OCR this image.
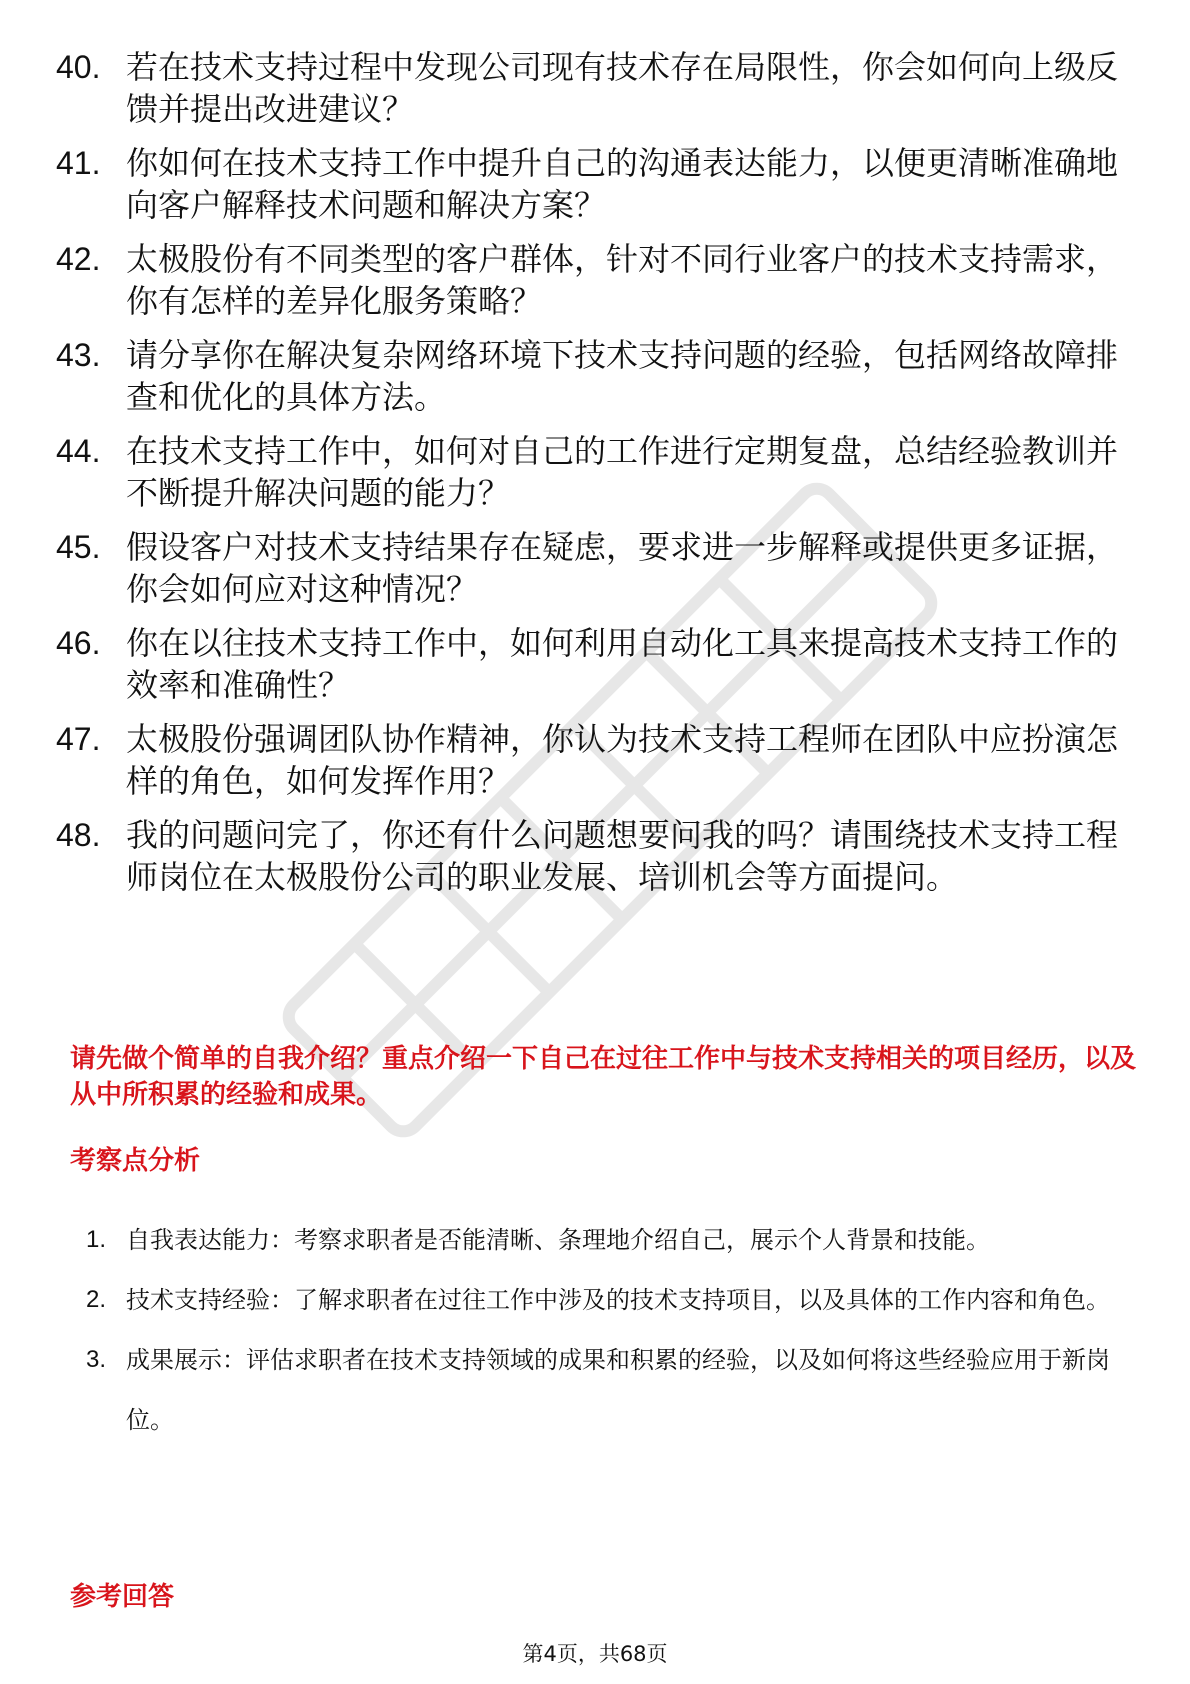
40. 若在技术支持过程中发现公司现有技术存在局限性，你会如何向上级反馈并提出改进建议？
41. 你如何在技术支持工作中提升自己的沟通表达能力，以便更清晰准确地向客户解释技术问题和解决方案？
42. 太极股份有不同类型的客户群体，针对不同行业客户的技术支持需求，你有怎样的差异化服务策略？
43. 请分享你在解决复杂网络环境下技术支持问题的经验，包括网络故障排查和优化的具体方法。
44. 在技术支持工作中，如何对自己的工作进行定期复盘，总结经验教训并不断提升解决问题的能力？
45. 假设客户对技术支持结果存在疑虑，要求进一步解释或提供更多证据，你会如何应对这种情况？
46. 你在以往技术支持工作中，如何利用自动化工具来提高技术支持工作的效率和准确性？
47. 太极股份强调团队协作精神，你认为技术支持工程师在团队中应扮演怎样的角色，如何发挥作用？
48. 我的问题问完了，你还有什么问题想要问我的吗？请围绕技术支持工程师岗位在太极股份公司的职业发展、培训机会等方面提问。
请先做个简单的自我介绍？重点介绍一下自己在过往工作中与技术支持相关的项目经历，以及从中所积累的经验和成果。
考察点分析
1. 自我表达能力：考察求职者是否能清晰、条理地介绍自己，展示个人背景和技能。
2. 技术支持经验：了解求职者在过往工作中涉及的技术支持项目，以及具体的工作内容和角色。
3. 成果展示：评估求职者在技术支持领域的成果和积累的经验，以及如何将这些经验应用于新岗位。
参考回答
第4页，共68页
